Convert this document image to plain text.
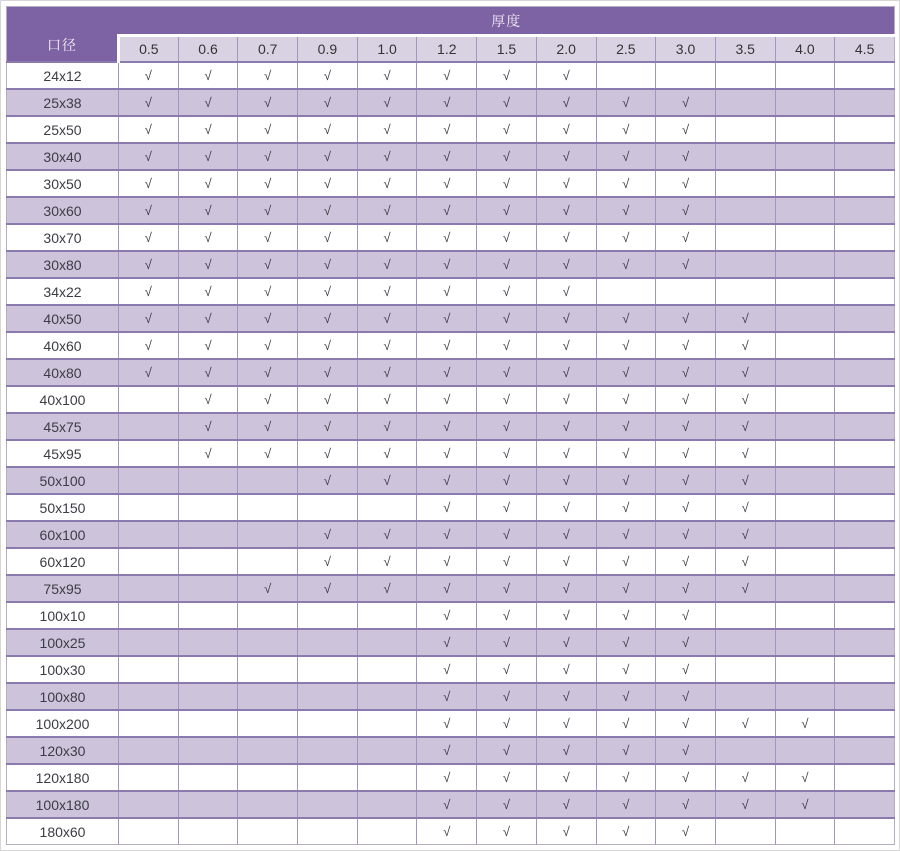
口径	厚度												
	0.5	0.6	0.7	0.9	1.0	1.2	1.5	2.0	2.5	3.0	3.5	4.0	4.5
24x12	√	√	√	√	√	√	√	√					
25x38	√	√	√	√	√	√	√	√	√	√			
25x50	√	√	√	√	√	√	√	√	√	√			
30x40	√	√	√	√	√	√	√	√	√	√			
30x50	√	√	√	√	√	√	√	√	√	√			
30x60	√	√	√	√	√	√	√	√	√	√			
30x70	√	√	√	√	√	√	√	√	√	√			
30x80	√	√	√	√	√	√	√	√	√	√			
34x22	√	√	√	√	√	√	√	√					
40x50	√	√	√	√	√	√	√	√	√	√	√		
40x60	√	√	√	√	√	√	√	√	√	√	√		
40x80	√	√	√	√	√	√	√	√	√	√	√		
40x100		√	√	√	√	√	√	√	√	√	√		
45x75		√	√	√	√	√	√	√	√	√	√		
45x95		√	√	√	√	√	√	√	√	√	√		
50x100				√	√	√	√	√	√	√	√		
50x150						√	√	√	√	√	√		
60x100				√	√	√	√	√	√	√	√		
60x120				√	√	√	√	√	√	√	√		
75x95			√	√	√	√	√	√	√	√	√		
100x10						√	√	√	√	√			
100x25						√	√	√	√	√			
100x30						√	√	√	√	√			
100x80						√	√	√	√	√			
100x200						√	√	√	√	√	√	√	
120x30						√	√	√	√	√			
120x180						√	√	√	√	√	√	√	
100x180						√	√	√	√	√	√	√	
180x60						√	√	√	√	√			
